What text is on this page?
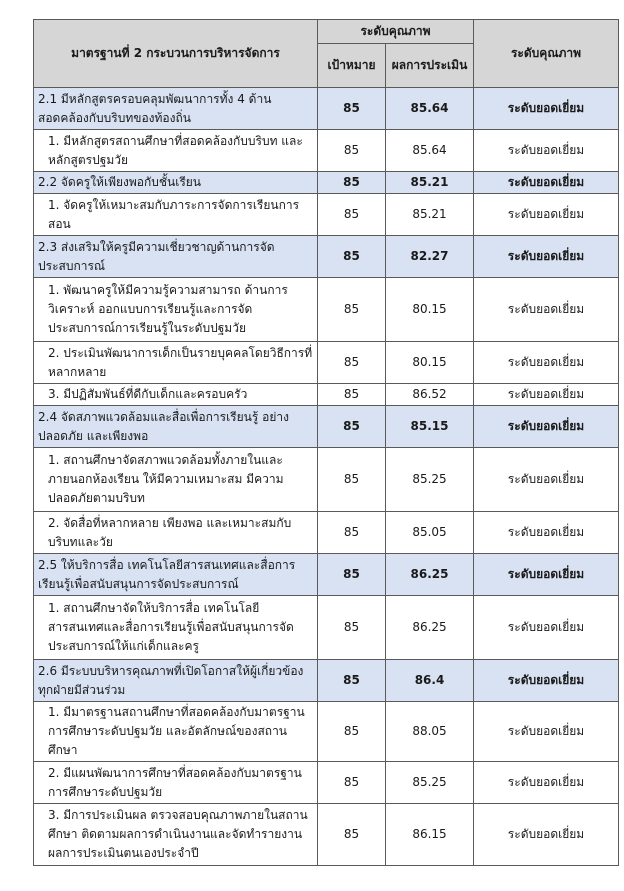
มาตรฐานที่ 2 กระบวนการบริหารจัดการ	ระดับคุณภาพ		ระดับคุณภาพ
	เป้าหมาย	ผลการประเมิน	
2.1 มีหลักสูตรครอบคลุมพัฒนาการทั้ง 4 ด้าน สอดคล้องกับบริบทของท้องถิ่น	85	85.64	ระดับยอดเยี่ยม
1. มีหลักสูตรสถานศึกษาที่สอดคล้องกับบริบท และหลักสูตรปฐมวัย	85	85.64	ระดับยอดเยี่ยม
2.2 จัดครูให้เพียงพอกับชั้นเรียน	85	85.21	ระดับยอดเยี่ยม
1. จัดครูให้เหมาะสมกับภาระการจัดการเรียนการสอน	85	85.21	ระดับยอดเยี่ยม
2.3 ส่งเสริมให้ครูมีความเชี่ยวชาญด้านการจัดประสบการณ์	85	82.27	ระดับยอดเยี่ยม
1. พัฒนาครูให้มีความรู้ความสามารถ ด้านการวิเคราะห์ ออกแบบการเรียนรู้และการจัดประสบการณ์การเรียนรู้ในระดับปฐมวัย	85	80.15	ระดับยอดเยี่ยม
2. ประเมินพัฒนาการเด็กเป็นรายบุคคลโดยวิธีการที่หลากหลาย	85	80.15	ระดับยอดเยี่ยม
3. มีปฏิสัมพันธ์ที่ดีกับเด็กและครอบครัว	85	86.52	ระดับยอดเยี่ยม
2.4 จัดสภาพแวดล้อมและสื่อเพื่อการเรียนรู้ อย่างปลอดภัย และเพียงพอ	85	85.15	ระดับยอดเยี่ยม
1. สถานศึกษาจัดสภาพแวดล้อมทั้งภายในและภายนอกห้องเรียน ให้มีความเหมาะสม มีความปลอดภัยตามบริบท	85	85.25	ระดับยอดเยี่ยม
2. จัดสื่อที่หลากหลาย เพียงพอ และเหมาะสมกับบริบทและวัย	85	85.05	ระดับยอดเยี่ยม
2.5 ให้บริการสื่อ เทคโนโลยีสารสนเทศและสื่อการเรียนรู้เพื่อสนับสนุนการจัดประสบการณ์	85	86.25	ระดับยอดเยี่ยม
1. สถานศึกษาจัดให้บริการสื่อ เทคโนโลยีสารสนเทศและสื่อการเรียนรู้เพื่อสนับสนุนการจัดประสบการณ์ให้แก่เด็กและครู	85	86.25	ระดับยอดเยี่ยม
2.6 มีระบบบริหารคุณภาพที่เปิดโอกาสให้ผู้เกี่ยวข้องทุกฝ่ายมีส่วนร่วม	85	86.4	ระดับยอดเยี่ยม
1. มีมาตรฐานสถานศึกษาที่สอดคล้องกับมาตรฐานการศึกษาระดับปฐมวัย และอัตลักษณ์ของสถานศึกษา	85	88.05	ระดับยอดเยี่ยม
2. มีแผนพัฒนาการศึกษาที่สอดคล้องกับมาตรฐานการศึกษาระดับปฐมวัย	85	85.25	ระดับยอดเยี่ยม
3. มีการประเมินผล ตรวจสอบคุณภาพภายในสถานศึกษา ติดตามผลการดำเนินงานและจัดทำรายงานผลการประเมินตนเองประจำปี	85	86.15	ระดับยอดเยี่ยม
